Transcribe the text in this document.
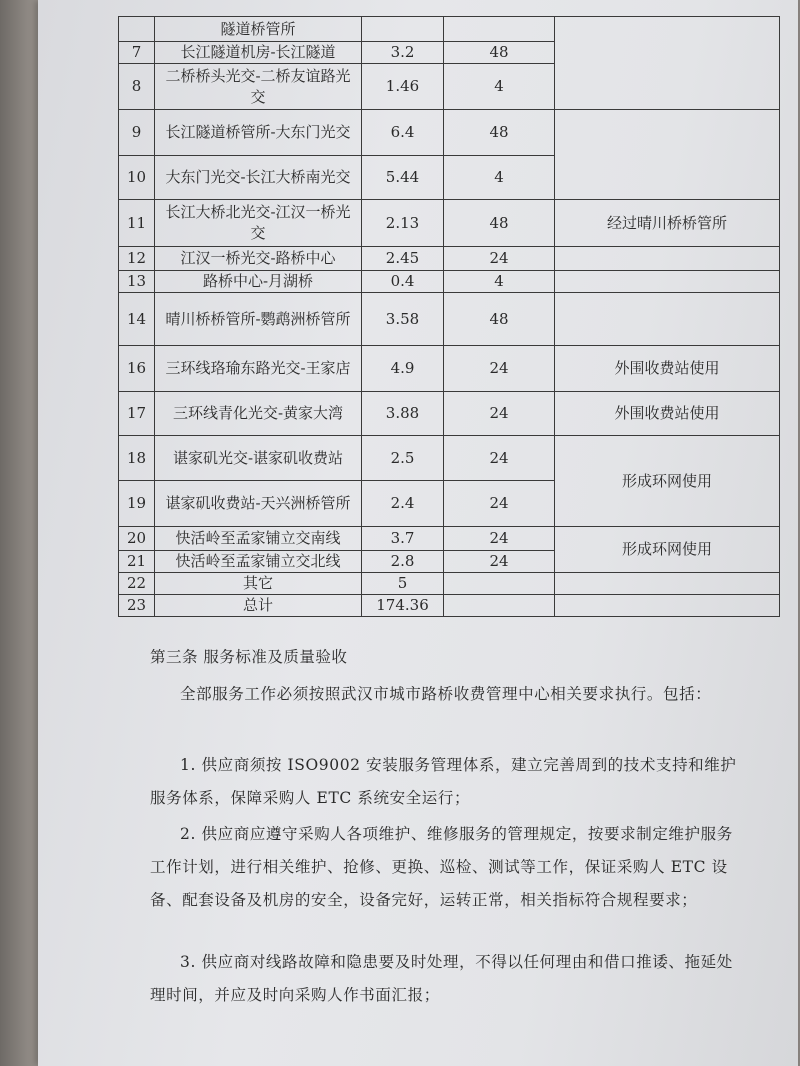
	隧道桥管所			
7	长江隧道机房-长江隧道	3.2	48	
8	二桥桥头光交-二桥友谊路光交	1.46	4	
9	长江隧道桥管所-大东门光交	6.4	48	
10	大东门光交-长江大桥南光交	5.44	4	
11	长江大桥北光交-江汉一桥光交	2.13	48	经过晴川桥桥管所
12	江汉一桥光交-路桥中心	2.45	24	
13	路桥中心-月湖桥	0.4	4	
14	晴川桥桥管所-鹦鹉洲桥管所	3.58	48	
16	三环线珞瑜东路光交-王家店	4.9	24	外围收费站使用
17	三环线青化光交-黄家大湾	3.88	24	外围收费站使用
18	谌家矶光交-谌家矶收费站	2.5	24	形成环网使用
19	谌家矶收费站-天兴洲桥管所	2.4	24	
20	快活岭至孟家铺立交南线	3.7	24	形成环网使用
21	快活岭至孟家铺立交北线	2.8	24	
22	其它	5		
23	总计	174.36		
第三条 服务标准及质量验收

全部服务工作必须按照武汉市城市路桥收费管理中心相关要求执行。包括：

1. 供应商须按 ISO9002 安装服务管理体系，建立完善周到的技术支持和维护服务体系，保障采购人 ETC 系统安全运行；

2. 供应商应遵守采购人各项维护、维修服务的管理规定，按要求制定维护服务工作计划，进行相关维护、抢修、更换、巡检、测试等工作，保证采购人 ETC 设备、配套设备及机房的安全，设备完好，运转正常，相关指标符合规程要求；

3. 供应商对线路故障和隐患要及时处理，不得以任何理由和借口推诿、拖延处理时间，并应及时向采购人作书面汇报；
